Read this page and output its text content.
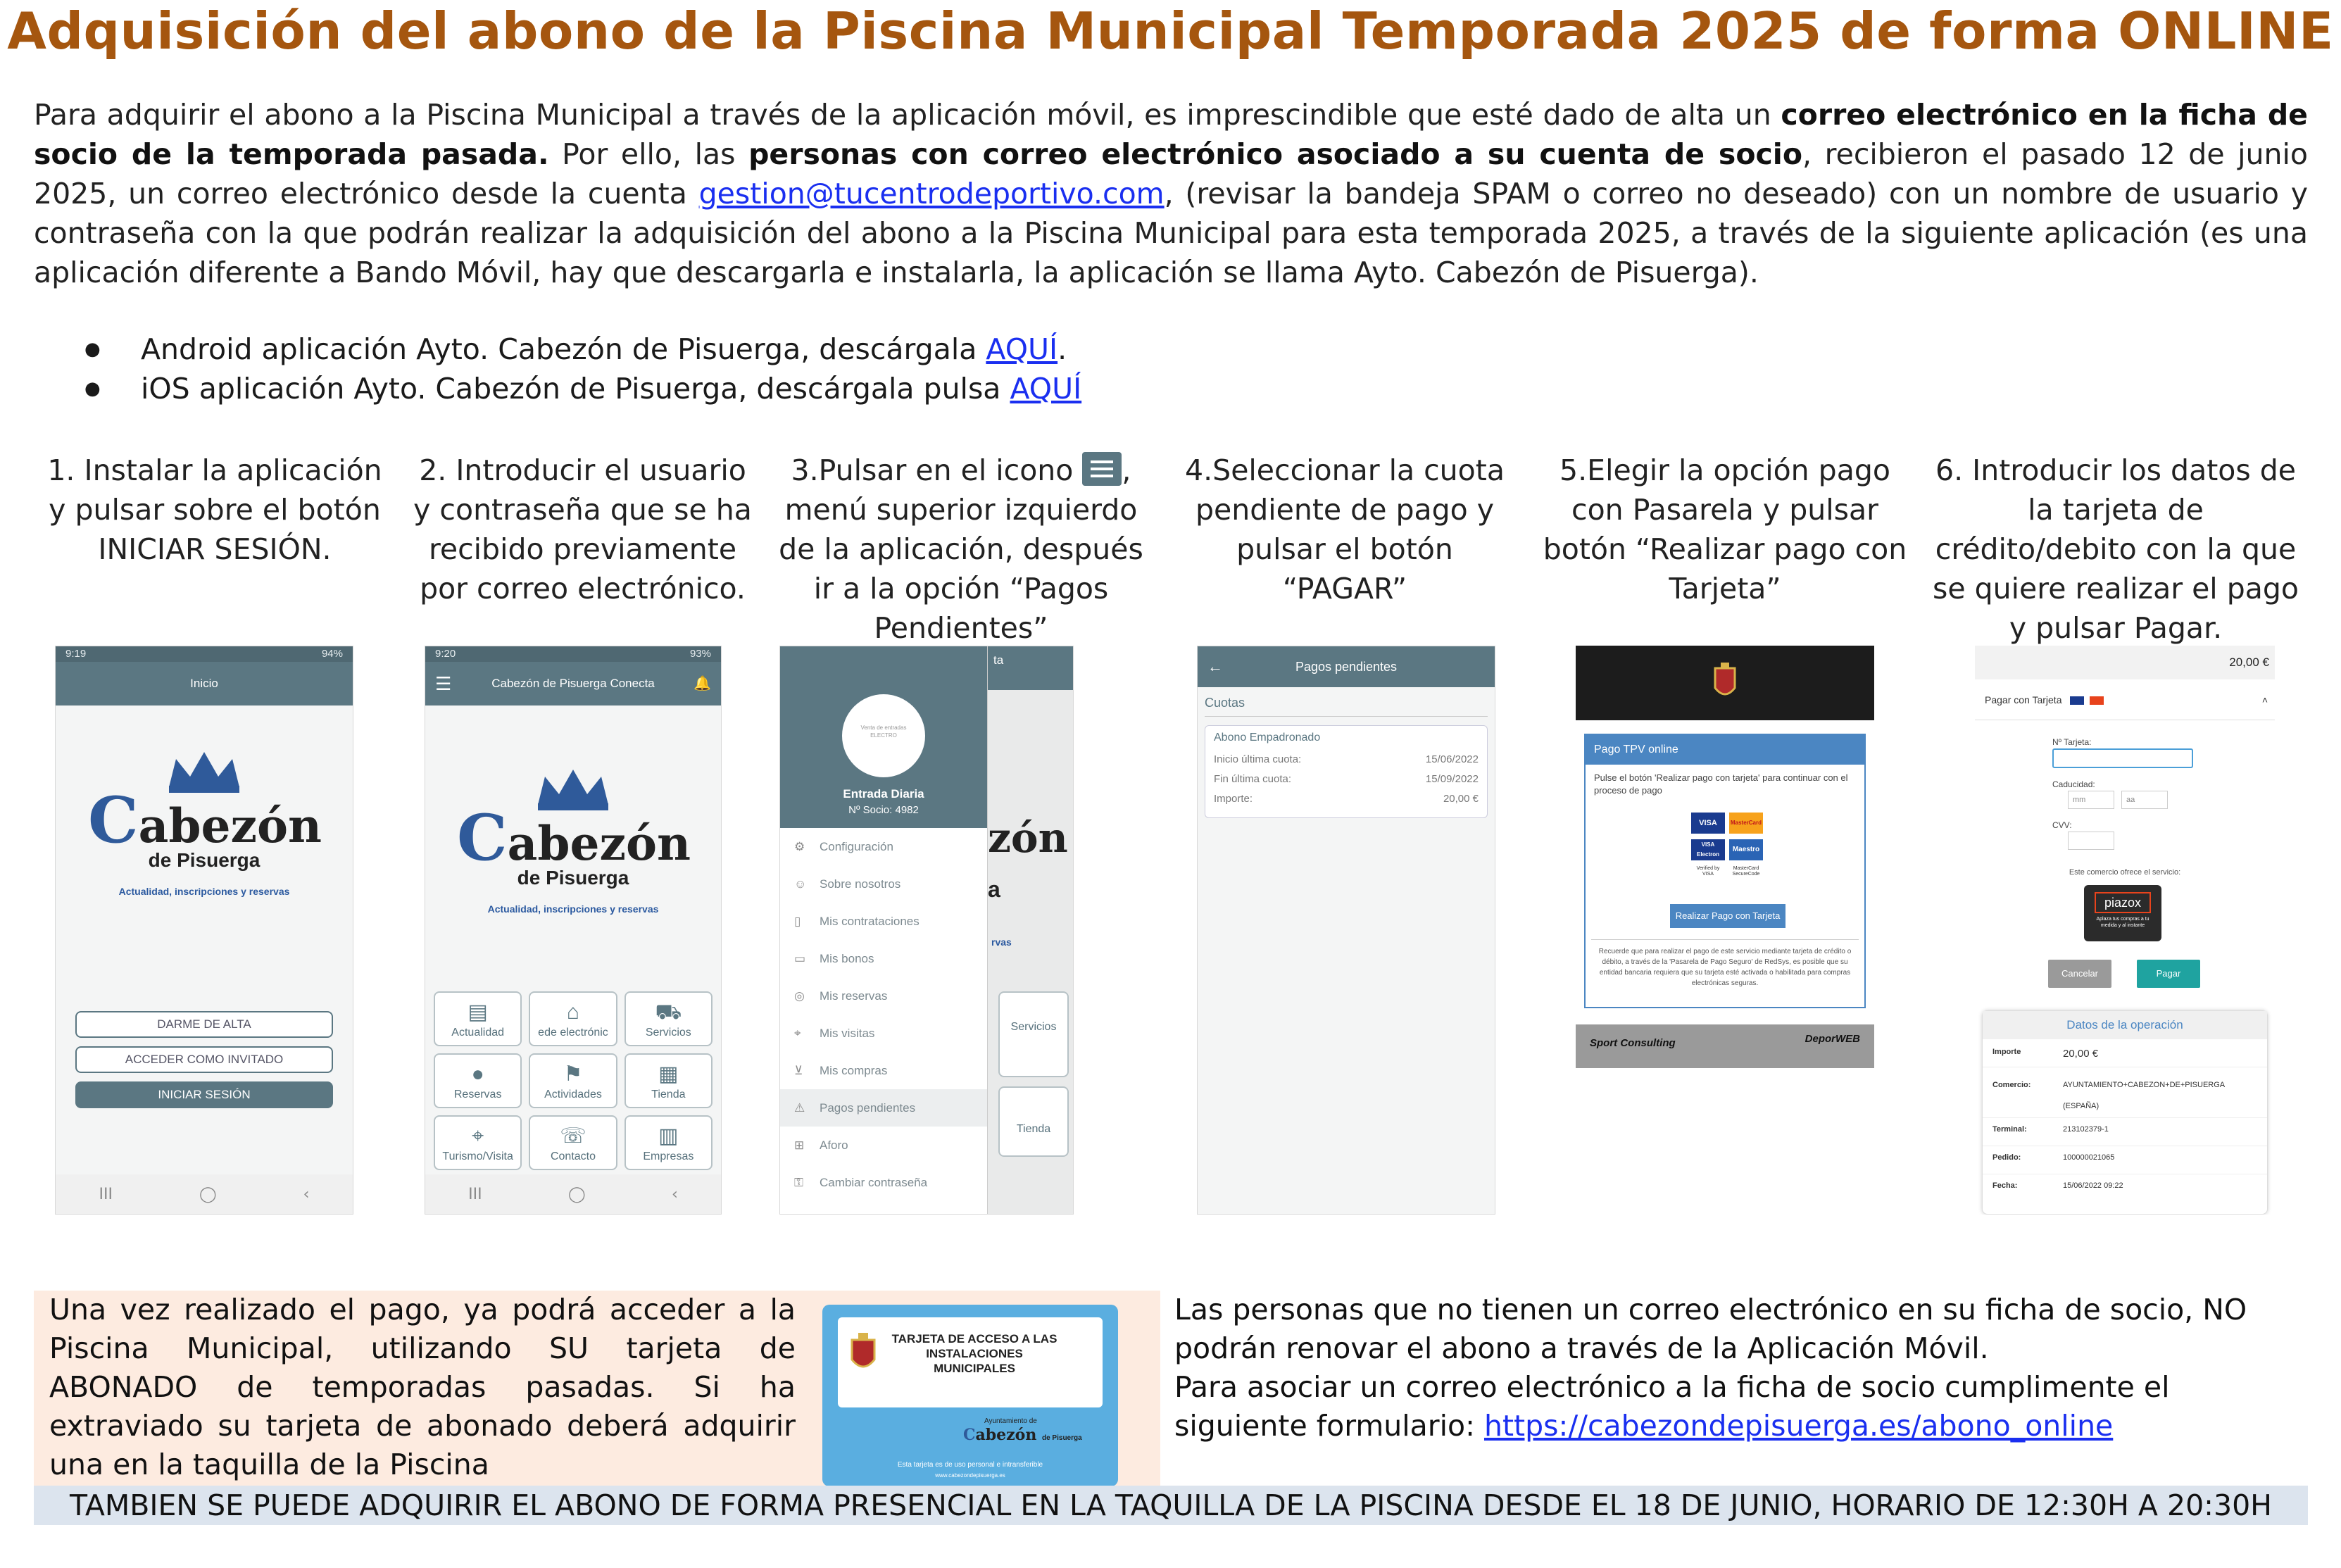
Adquisición del abono de la Piscina Municipal Temporada 2025 de forma ONLINE

Para adquirir el abono a la Piscina Municipal a través de la aplicación móvil, es imprescindible que esté dado de alta un correo electrónico en la ficha de socio de la temporada pasada. Por ello, las personas con correo electrónico asociado a su cuenta de socio, recibieron el pasado 12 de junio 2025, un correo electrónico desde la cuenta gestion@tucentrodeportivo.com, (revisar la bandeja SPAM o correo no deseado) con un nombre de usuario y contraseña con la que podrán realizar la adquisición del abono a la Piscina Municipal para esta temporada 2025, a través de la siguiente aplicación (es una aplicación diferente a Bando Móvil, hay que descargarla e instalarla, la aplicación se llama Ayto. Cabezón de Pisuerga).

● Android aplicación Ayto. Cabezón de Pisuerga, descárgala AQUÍ.
● iOS aplicación Ayto. Cabezón de Pisuerga, descárgala pulsa AQUÍ
1. Instalar la aplicación y pulsar sobre el botón INICIAR SESIÓN.
2. Introducir el usuario y contraseña que se ha recibido previamente por correo electrónico.
3.Pulsar en el icono ,
menú superior izquierdo de la aplicación, después ir a la opción “Pagos Pendientes”
4.Seleccionar la cuota pendiente de pago y pulsar el botón “PAGAR”
5.Elegir la opción pago con Pasarela y pulsar botón “Realizar pago con Tarjeta”
6. Introducir los datos de la tarjeta de crédito/debito con la que se quiere realizar el pago y pulsar Pagar.
9:19	94%
Inicio
Cabezón
de Pisuerga
Actualidad, inscripciones y reservas
DARME DE ALTA
ACCEDER COMO INVITADO
INICIAR SESIÓN
III	◯	‹
9:20	93%
☰	Cabezón de Pisuerga Conecta	🔔
Cabezón
de Pisuerga
Actualidad, inscripciones y reservas
▤
Actualidad
⌂
ede electrónic
⛟
Servicios
●
Reservas
⚑
Actividades
▦
Tienda
⌖
Turismo/Visita
☏
Contacto
▥
Empresas
III	◯	‹
ta
zón
a
rvas
Servicios
Tienda
Venta de entradas ELECTRO
Entrada Diaria
Nº Socio: 4982
⚙ Configuración
☺ Sobre nosotros
▯ Mis contrataciones
▭ Mis bonos
◎ Mis reservas
⌖ Mis visitas
⊻ Mis compras
⚠ Pagos pendientes
⊞ Aforo
⚿ Cambiar contraseña
←	Pagos pendientes
Cuotas
Abono Empadronado
Inicio última cuota:	15/06/2022
Fin última cuota:	15/09/2022
Importe:	20,00 €
Pago TPV online
Pulse el botón 'Realizar pago con tarjeta' para continuar con el proceso de pago
VISA	MasterCard
VISA Electron
Maestro
Verified by VISA
MasterCard SecureCode
Realizar Pago con Tarjeta
Recuerde que para realizar el pago de este servicio mediante tarjeta de crédito o débito, a través de la 'Pasarela de Pago Seguro' de RedSys, es posible que su entidad bancaria requiera que su tarjeta esté activada o habilitada para compras electrónicas seguras.
Sport Consulting	DeporWEB
20,00 €
Pagar con Tarjeta	˄
Nº Tarjeta:
Caducidad:
mm	aa
CVV:
Este comercio ofrece el servicio:
piazox
Aplaza tus compras a tu medida y al instante
Cancelar	Pagar
Datos de la operación
Importe	20,00 €
Comercio:	AYUNTAMIENTO+CABEZON+DE+PISUERGA (ESPAÑA)
Terminal:	213102379-1
Pedido:	100000021065
Fecha:	15/06/2022 09:22

Una vez realizado el pago, ya podrá acceder a la Piscina Municipal, utilizando SU tarjeta de ABONADO de temporadas pasadas. Si ha extraviado su tarjeta de abonado deberá adquirir una en la taquilla de la Piscina

TARJETA DE ACCESO A LAS INSTALACIONES MUNICIPALES
Ayuntamiento de
Cabezón de Pisuerga
Esta tarjeta es de uso personal e intransferible
www.cabezondepisuerga.es

Las personas que no tienen un correo electrónico en su ficha de socio, NO podrán renovar el abono a través de la Aplicación Móvil.

Para asociar un correo electrónico a la ficha de socio cumplimente el siguiente formulario: https://cabezondepisuerga.es/abono_online

TAMBIEN SE PUEDE ADQUIRIR EL ABONO DE FORMA PRESENCIAL EN LA TAQUILLA DE LA PISCINA DESDE EL 18 DE JUNIO, HORARIO DE 12:30H A 20:30H
